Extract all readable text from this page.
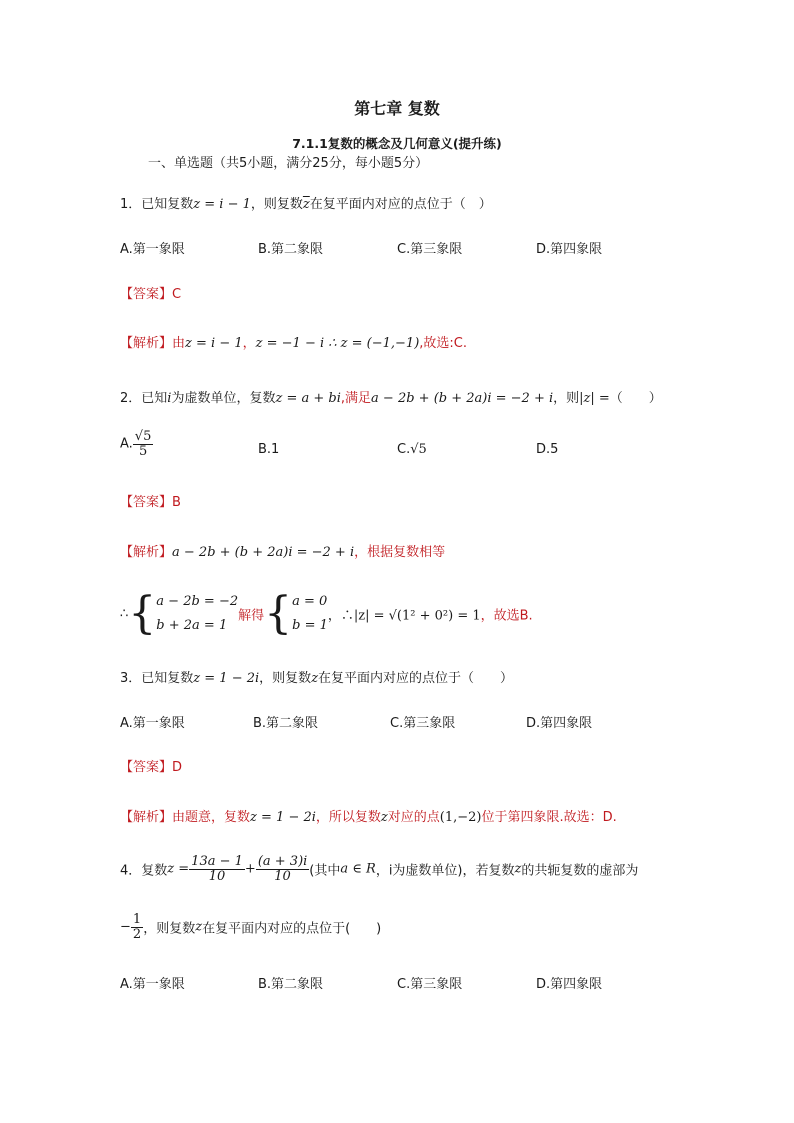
第七章 复数
7.1.1复数的概念及几何意义(提升练)
一、单选题（共5小题，满分25分，每小题5分）
1．已知复数z = i − 1，则复数$\overline{z}$在复平面内对应的点位于（　）
A.第一象限	B.第二象限	C.第三象限	D.第四象限
【答案】C
【解析】由z = i − 1，z = −1 − i ∴ z = (−1,−1),故选:C.
2．已知i为虚数单位，复数z = a + bi,满足a − 2b + (b + 2a)i = −2 + i，则|z| =（　　）
A. $\frac{√5}{5}$	B.1	C.√5	D.5
【答案】B
【解析】a − 2b + (b + 2a)i = −2 + i，根据复数相等
∴{ a − 2b = −2
b + 2a = 1
解得{ a = 0
b = 1
，∴|z| = √(1² + 0²) = 1，故选B.
3．已知复数z = 1 − 2i，则复数z在复平面内对应的点位于（　　）
A.第一象限	B.第二象限	C.第三象限	D.第四象限
【答案】D
【解析】由题意，复数z = 1 − 2i，所以复数z对应的点(1,−2)位于第四象限.故选：D.
4．复数$z = \frac{13a - 1}{10} + \frac{(a + 3)i}{10}$ (其中a ∈ R，i为虚数单位)，若复数z的共轭复数的虚部为
− $\frac{1}{2}$ ，则复数z在复平面内对应的点位于(　　)
A.第一象限	B.第二象限	C.第三象限	D.第四象限
